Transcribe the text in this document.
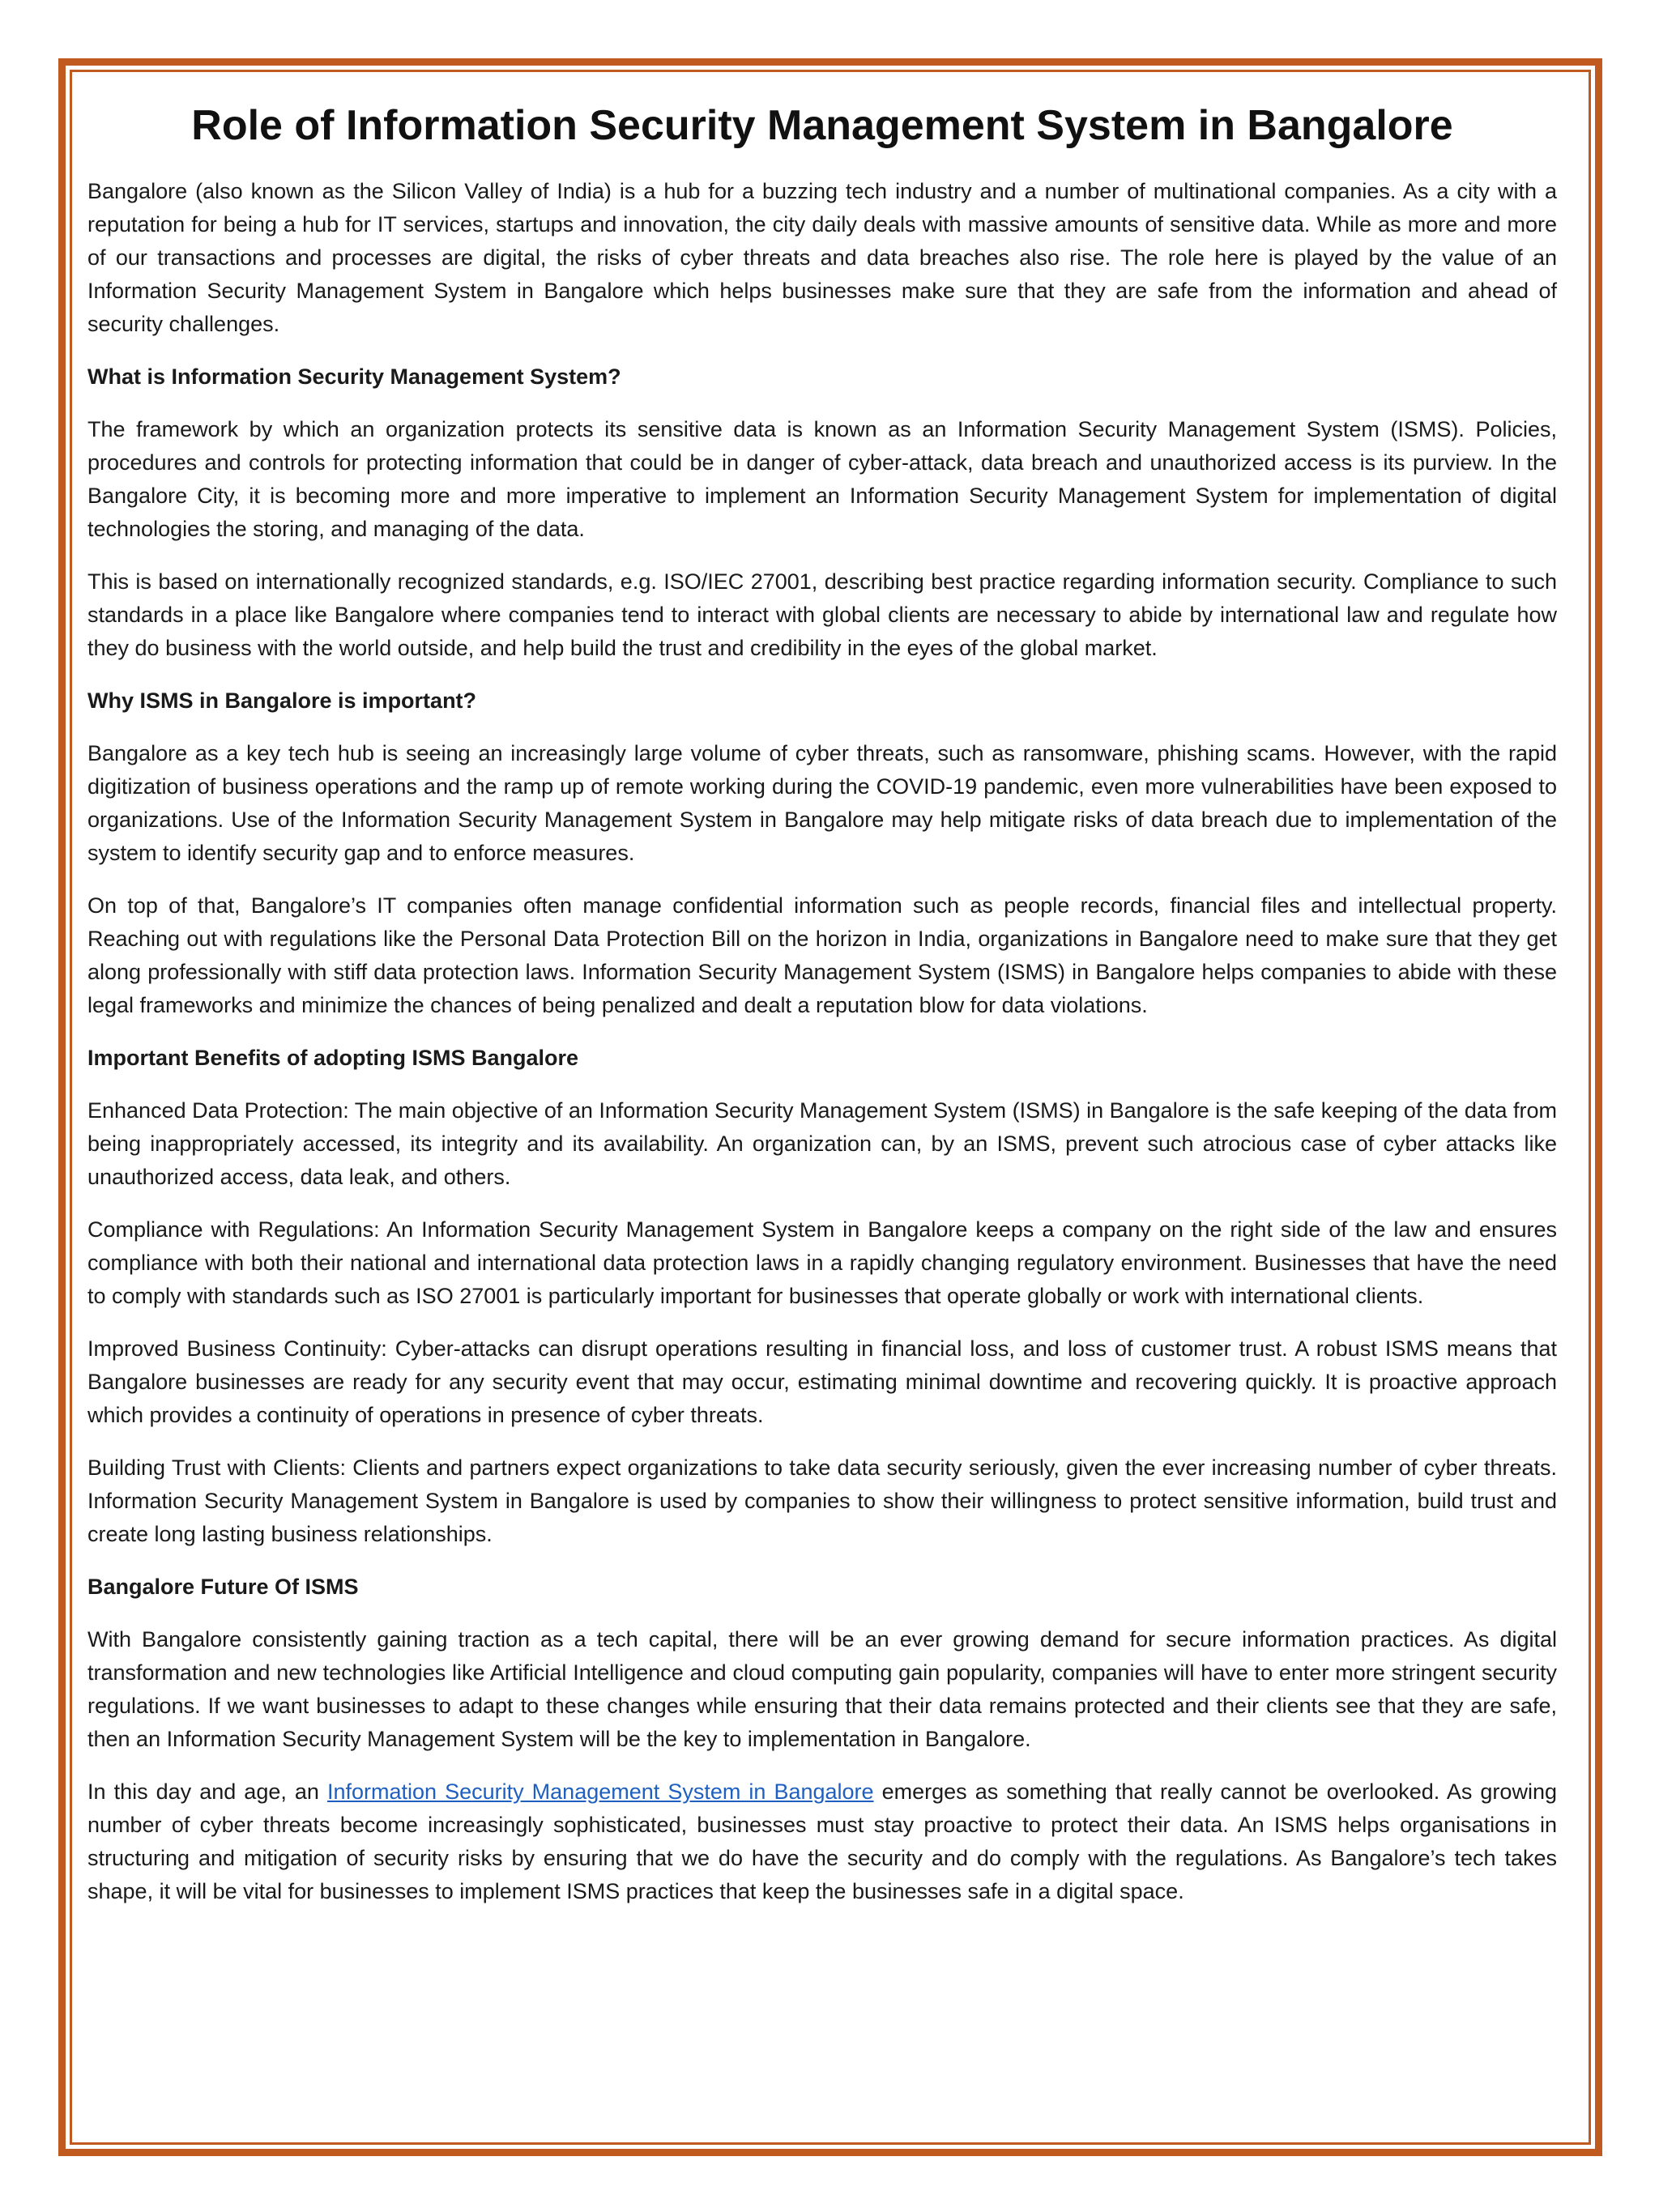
Role of Information Security Management System in Bangalore

Bangalore (also known as the Silicon Valley of India) is a hub for a buzzing tech industry and a number of multinational companies. As a city with a reputation for being a hub for IT services, startups and innovation, the city daily deals with massive amounts of sensitive data. While as more and more of our transactions and processes are digital, the risks of cyber threats and data breaches also rise. The role here is played by the value of an Information Security Management System in Bangalore which helps businesses make sure that they are safe from the information and ahead of security challenges.

What is Information Security Management System?

The framework by which an organization protects its sensitive data is known as an Information Security Management System (ISMS). Policies, procedures and controls for protecting information that could be in danger of cyber-attack, data breach and unauthorized access is its purview. In the Bangalore City, it is becoming more and more imperative to implement an Information Security Management System for implementation of digital technologies the storing, and managing of the data.

This is based on internationally recognized standards, e.g. ISO/IEC 27001, describing best practice regarding information security. Compliance to such standards in a place like Bangalore where companies tend to interact with global clients are necessary to abide by international law and regulate how they do business with the world outside, and help build the trust and credibility in the eyes of the global market.

Why ISMS in Bangalore is important?

Bangalore as a key tech hub is seeing an increasingly large volume of cyber threats, such as ransomware, phishing scams. However, with the rapid digitization of business operations and the ramp up of remote working during the COVID-19 pandemic, even more vulnerabilities have been exposed to organizations. Use of the Information Security Management System in Bangalore may help mitigate risks of data breach due to implementation of the system to identify security gap and to enforce measures.

On top of that, Bangalore’s IT companies often manage confidential information such as people records, financial files and intellectual property. Reaching out with regulations like the Personal Data Protection Bill on the horizon in India, organizations in Bangalore need to make sure that they get along professionally with stiff data protection laws. Information Security Management System (ISMS) in Bangalore helps companies to abide with these legal frameworks and minimize the chances of being penalized and dealt a reputation blow for data violations.

Important Benefits of adopting ISMS Bangalore

Enhanced Data Protection: The main objective of an Information Security Management System (ISMS) in Bangalore is the safe keeping of the data from being inappropriately accessed, its integrity and its availability. An organization can, by an ISMS, prevent such atrocious case of cyber attacks like unauthorized access, data leak, and others.

Compliance with Regulations: An Information Security Management System in Bangalore keeps a company on the right side of the law and ensures compliance with both their national and international data protection laws in a rapidly changing regulatory environment. Businesses that have the need to comply with standards such as ISO 27001 is particularly important for businesses that operate globally or work with international clients.

Improved Business Continuity: Cyber-attacks can disrupt operations resulting in financial loss, and loss of customer trust. A robust ISMS means that Bangalore businesses are ready for any security event that may occur, estimating minimal downtime and recovering quickly. It is proactive approach which provides a continuity of operations in presence of cyber threats.

Building Trust with Clients: Clients and partners expect organizations to take data security seriously, given the ever increasing number of cyber threats. Information Security Management System in Bangalore is used by companies to show their willingness to protect sensitive information, build trust and create long lasting business relationships.

Bangalore Future Of ISMS

With Bangalore consistently gaining traction as a tech capital, there will be an ever growing demand for secure information practices. As digital transformation and new technologies like Artificial Intelligence and cloud computing gain popularity, companies will have to enter more stringent security regulations. If we want businesses to adapt to these changes while ensuring that their data remains protected and their clients see that they are safe, then an Information Security Management System will be the key to implementation in Bangalore.

In this day and age, an Information Security Management System in Bangalore emerges as something that really cannot be overlooked. As growing number of cyber threats become increasingly sophisticated, businesses must stay proactive to protect their data. An ISMS helps organisations in structuring and mitigation of security risks by ensuring that we do have the security and do comply with the regulations. As Bangalore’s tech takes shape, it will be vital for businesses to implement ISMS practices that keep the businesses safe in a digital space.
